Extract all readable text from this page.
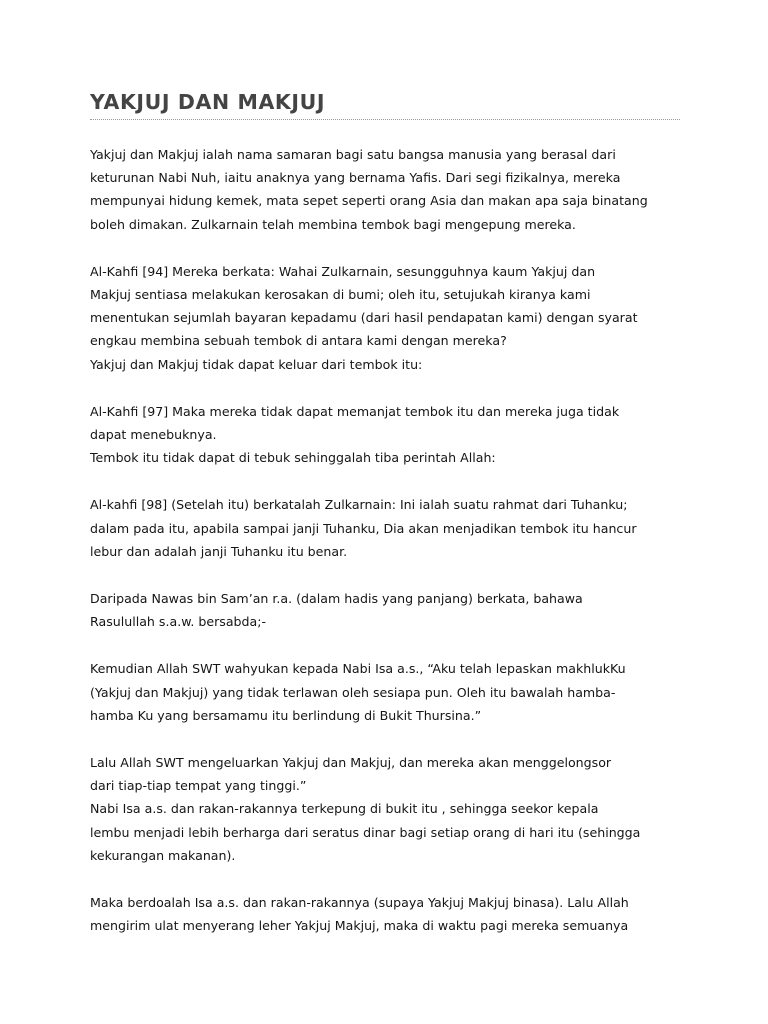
YAKJUJ DAN MAKJUJ
Yakjuj dan Makjuj ialah nama samaran bagi satu bangsa manusia yang berasal dari
keturunan Nabi Nuh, iaitu anaknya yang bernama Yafis. Dari segi fizikalnya, mereka
mempunyai hidung kemek, mata sepet seperti orang Asia dan makan apa saja binatang
boleh dimakan. Zulkarnain telah membina tembok bagi mengepung mereka.
Al-Kahfi [94] Mereka berkata: Wahai Zulkarnain, sesungguhnya kaum Yakjuj dan
Makjuj sentiasa melakukan kerosakan di bumi; oleh itu, setujukah kiranya kami
menentukan sejumlah bayaran kepadamu (dari hasil pendapatan kami) dengan syarat
engkau membina sebuah tembok di antara kami dengan mereka?
Yakjuj dan Makjuj tidak dapat keluar dari tembok itu:
Al-Kahfi [97] Maka mereka tidak dapat memanjat tembok itu dan mereka juga tidak
dapat menebuknya.
Tembok itu tidak dapat di tebuk sehinggalah tiba perintah Allah:
Al-kahfi [98] (Setelah itu) berkatalah Zulkarnain: Ini ialah suatu rahmat dari Tuhanku;
dalam pada itu, apabila sampai janji Tuhanku, Dia akan menjadikan tembok itu hancur
lebur dan adalah janji Tuhanku itu benar.
Daripada Nawas bin Sam’an r.a. (dalam hadis yang panjang) berkata, bahawa
Rasulullah s.a.w. bersabda;-
Kemudian Allah SWT wahyukan kepada Nabi Isa a.s., “Aku telah lepaskan makhlukKu
(Yakjuj dan Makjuj) yang tidak terlawan oleh sesiapa pun. Oleh itu bawalah hamba-
hamba Ku yang bersamamu itu berlindung di Bukit Thursina.”
Lalu Allah SWT mengeluarkan Yakjuj dan Makjuj, dan mereka akan menggelongsor
dari tiap-tiap tempat yang tinggi.”
Nabi Isa a.s. dan rakan-rakannya terkepung di bukit itu , sehingga seekor kepala
lembu menjadi lebih berharga dari seratus dinar bagi setiap orang di hari itu (sehingga
kekurangan makanan).
Maka berdoalah Isa a.s. dan rakan-rakannya (supaya Yakjuj Makjuj binasa). Lalu Allah
mengirim ulat menyerang leher Yakjuj Makjuj, maka di waktu pagi mereka semuanya
